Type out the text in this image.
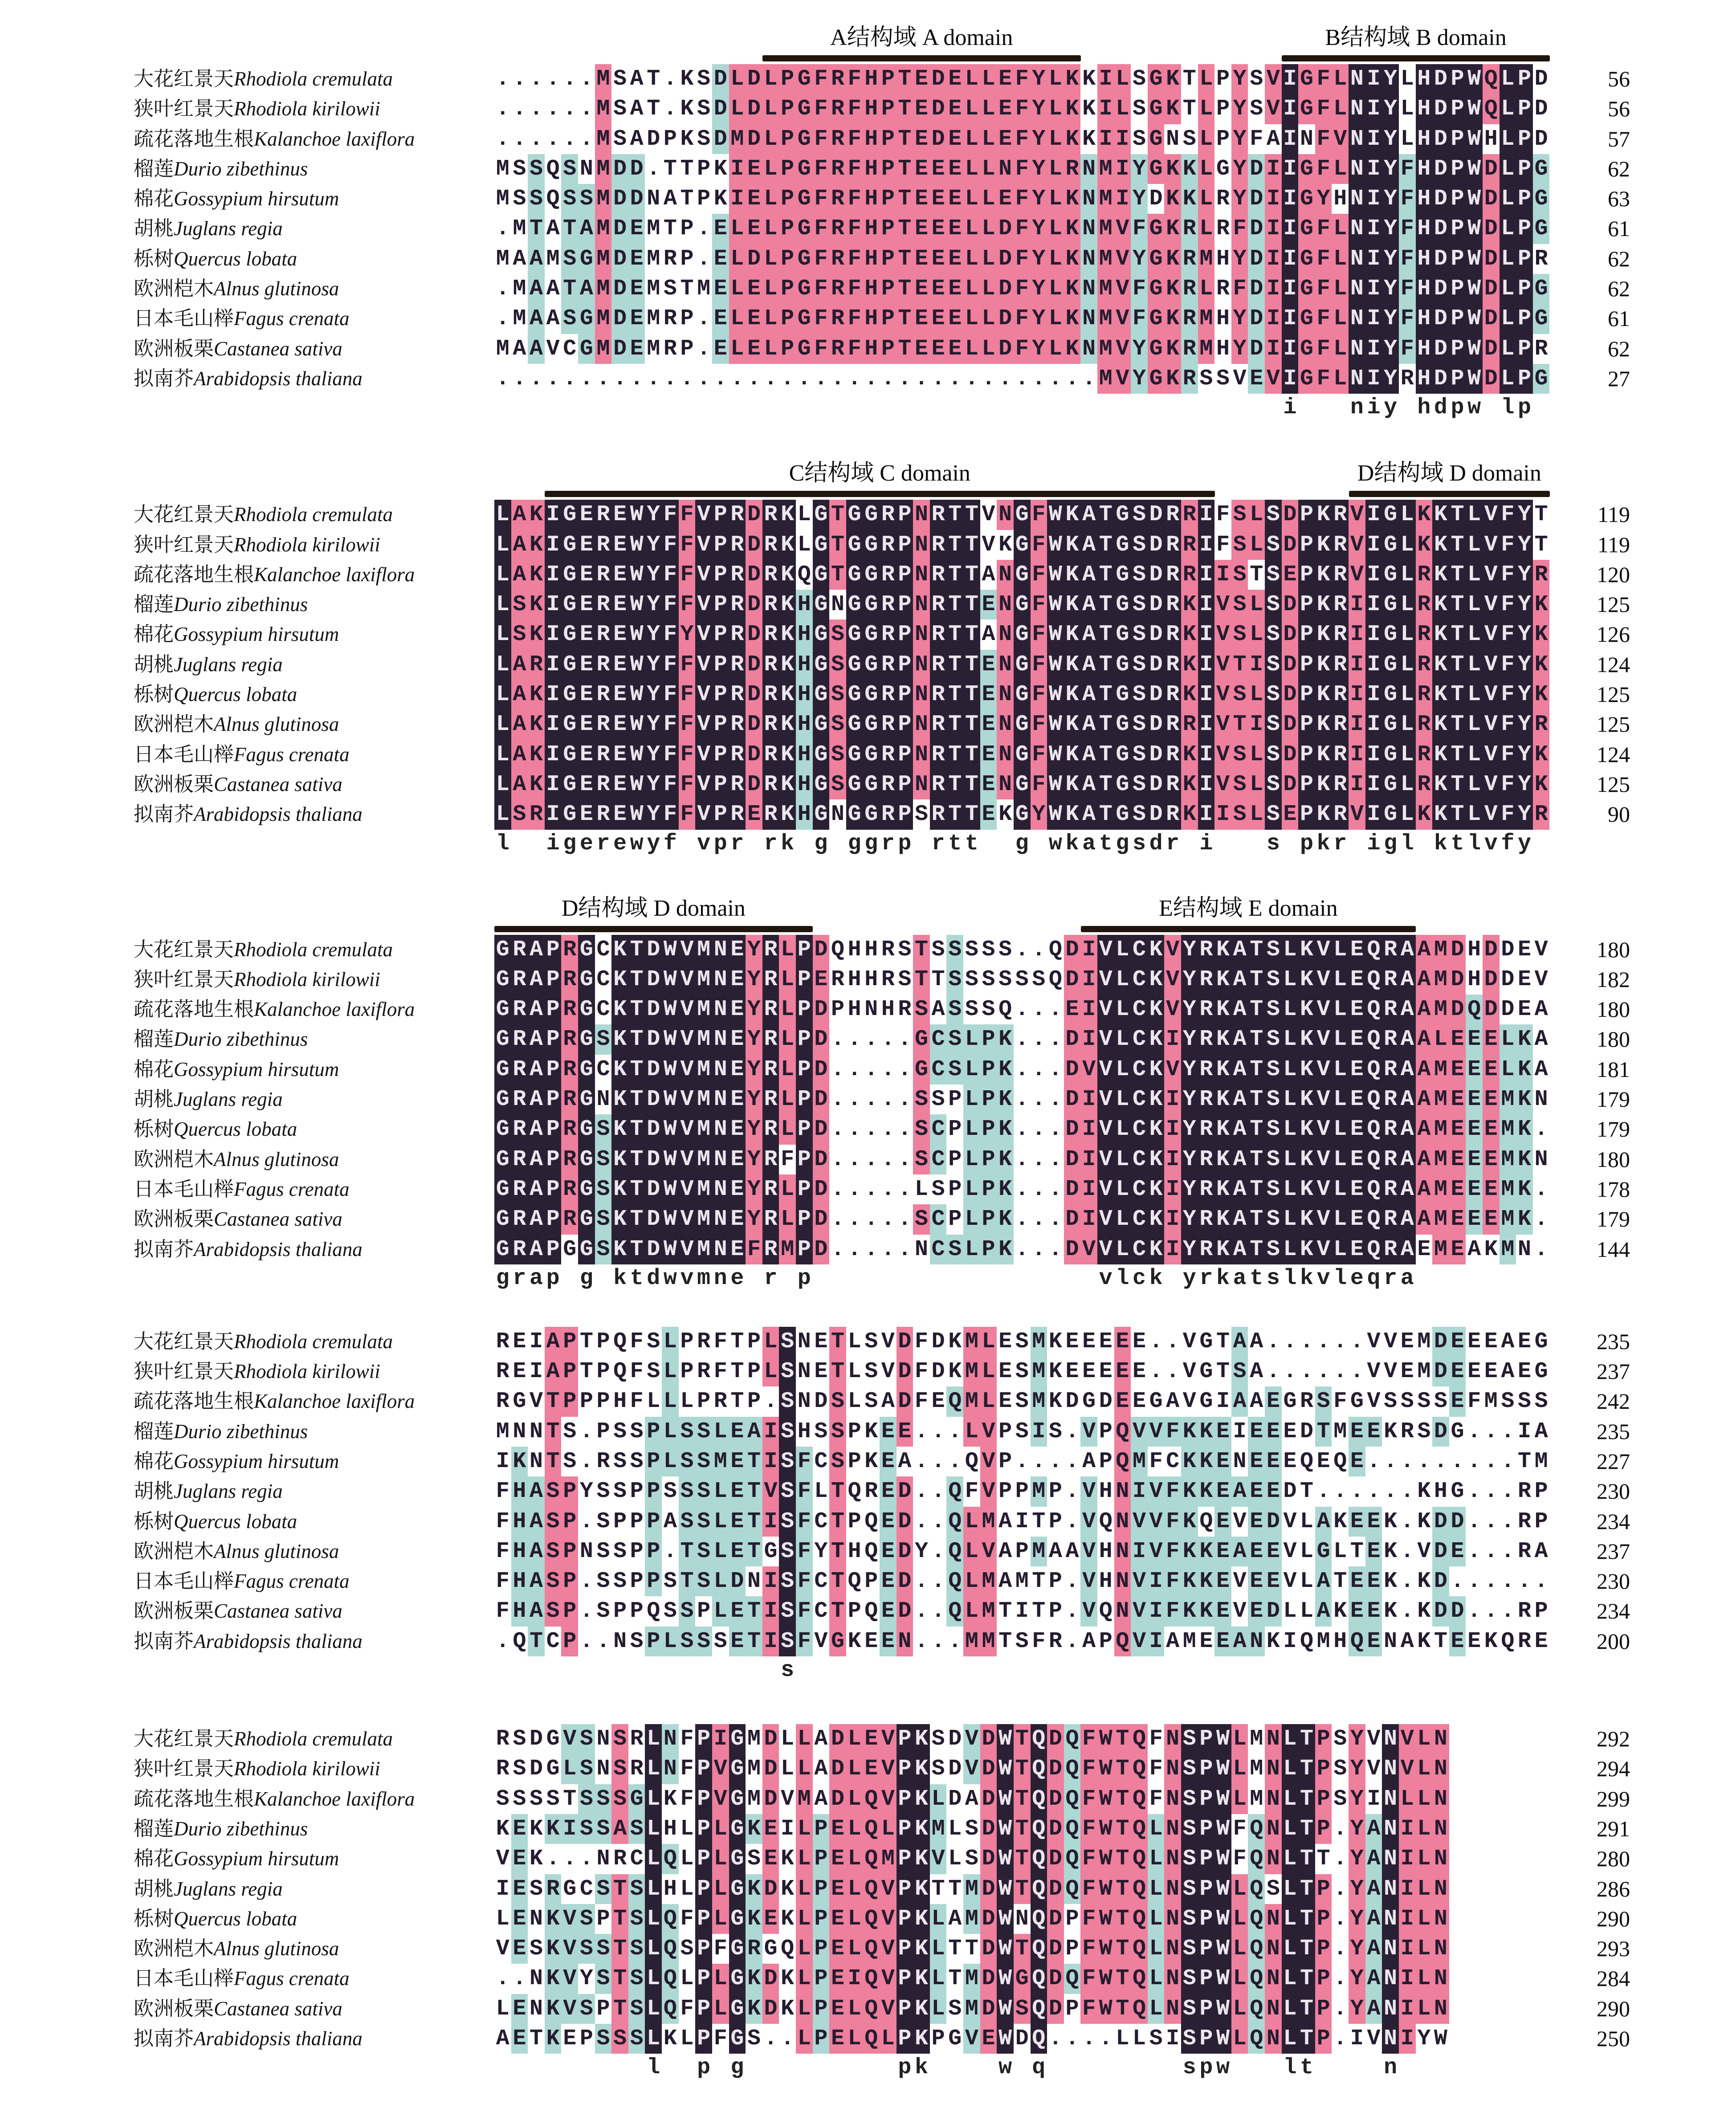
A结构域 A domain	B结构域 B domain
大花红景天Rhodiola cremulata	. . . . . . M S A T . K S D L D L P G F R F H P T E D E L L E F Y L K K I L S G K T L P Y S V I G F L N I Y L H D P W Q L P D	56
狭叶红景天Rhodiola kirilowii	. . . . . . M S A T . K S D L D L P G F R F H P T E D E L L E F Y L K K I L S G K T L P Y S V I G F L N I Y L H D P W Q L P D	56
疏花落地生根Kalanchoe laxiflora	. . . . . . M S A D P K S D M D L P G F R F H P T E D E L L E F Y L K K I I S G N S L P Y F A I N F V N I Y L H D P W H L P D	57
榴莲Durio zibethinus	M S S Q S N M D D . T T P K I E L P G F R F H P T E E E L L N F Y L R N M I Y G K K L G Y D I I G F L N I Y F H D P W D L P G	62
棉花Gossypium hirsutum	M S S Q S S M D D N A T P K I E L P G F R F H P T E E E L L E F Y L K N M I Y D K K L R Y D I I G Y H N I Y F H D P W D L P G	63
胡桃Juglans regia	. M T A T A M D E M T P . E L E L P G F R F H P T E E E L L D F Y L K N M V F G K R L R F D I I G F L N I Y F H D P W D L P G	61
栎树Quercus lobata	M A A M S G M D E M R P . E L D L P G F R F H P T E E E L L D F Y L K N M V Y G K R M H Y D I I G F L N I Y F H D P W D L P R	62
欧洲桤木Alnus glutinosa	. M A A T A M D E M S T M E L E L P G F R F H P T E E E L L D F Y L K N M V F G K R L R F D I I G F L N I Y F H D P W D L P G	62
日本毛山榉Fagus crenata	. M A A S G M D E M R P . E L E L P G F R F H P T E E E L L D F Y L K N M V F G K R M H Y D I I G F L N I Y F H D P W D L P G	61
欧洲板栗Castanea sativa	M A A V C G M D E M R P . E L E L P G F R F H P T E E E L L D F Y L K N M V Y G K R M H Y D I I G F L N I Y F H D P W D L P R	62
拟南芥Arabidopsis thaliana	. . . . . . . . . . . . . . . . . . . . . . . . . . . . . . . . . . . . M V Y G K R S S V E V I G F L N I Y R H D P W D L P G	27
i n i y h d p w l p
C结构域 C domain	D结构域 D domain
大花红景天Rhodiola cremulata	L A K I G E R E W Y F F V P R D R K L G T G G R P N R T T V N G F W K A T G S D R R I F S L S D P K R V I G L K K T L V F Y T	119
狭叶红景天Rhodiola kirilowii	L A K I G E R E W Y F F V P R D R K L G T G G R P N R T T V K G F W K A T G S D R R I F S L S D P K R V I G L K K T L V F Y T	119
疏花落地生根Kalanchoe laxiflora	L A K I G E R E W Y F F V P R D R K Q G T G G R P N R T T A N G F W K A T G S D R R I I S T S E P K R V I G L R K T L V F Y R	120
榴莲Durio zibethinus	L S K I G E R E W Y F F V P R D R K H G N G G R P N R T T E N G F W K A T G S D R K I V S L S D P K R I I G L R K T L V F Y K	125
棉花Gossypium hirsutum	L S K I G E R E W Y F Y V P R D R K H G S G G R P N R T T A N G F W K A T G S D R K I V S L S D P K R I I G L R K T L V F Y K	126
胡桃Juglans regia	L A R I G E R E W Y F F V P R D R K H G S G G R P N R T T E N G F W K A T G S D R K I V T I S D P K R I I G L R K T L V F Y K	124
栎树Quercus lobata	L A K I G E R E W Y F F V P R D R K H G S G G R P N R T T E N G F W K A T G S D R K I V S L S D P K R I I G L R K T L V F Y K	125
欧洲桤木Alnus glutinosa	L A K I G E R E W Y F F V P R D R K H G S G G R P N R T T E N G F W K A T G S D R R I V T I S D P K R I I G L R K T L V F Y R	125
日本毛山榉Fagus crenata	L A K I G E R E W Y F F V P R D R K H G S G G R P N R T T E N G F W K A T G S D R K I V S L S D P K R I I G L R K T L V F Y K	124
欧洲板栗Castanea sativa	L A K I G E R E W Y F F V P R D R K H G S G G R P N R T T E N G F W K A T G S D R K I V S L S D P K R I I G L R K T L V F Y K	125
拟南芥Arabidopsis thaliana	L S R I G E R E W Y F F V P R E R K H G N G G R P S R T T E K G Y W K A T G S D R K I I S L S E P K R V I G L K K T L V F Y R	90
l i g e r e w y f v p r r k g g g r p r t t g w k a t g s d r i s p k r i g l k t l v f y
D结构域 D domain	E结构域 E domain
大花红景天Rhodiola cremulata	G R A P R G C K T D W V M N E Y R L P D Q H H R S T S S S S S . . Q D I V L C K V Y R K A T S L K V L E Q R A A M D H D D E V	180
狭叶红景天Rhodiola kirilowii	G R A P R G C K T D W V M N E Y R L P E R H H R S T T S S S S S S Q D I V L C K V Y R K A T S L K V L E Q R A A M D H D D E V	182
疏花落地生根Kalanchoe laxiflora	G R A P R G C K T D W V M N E Y R L P D P H N H R S A S S S Q . . . E I V L C K V Y R K A T S L K V L E Q R A A M D Q D D E A	180
榴莲Durio zibethinus	G R A P R G S K T D W V M N E Y R L P D . . . . . G C S L P K . . . D I V L C K I Y R K A T S L K V L E Q R A A L E E E L K A	180
棉花Gossypium hirsutum	G R A P R G C K T D W V M N E Y R L P D . . . . . G C S L P K . . . D V V L C K V Y R K A T S L K V L E Q R A A M E E E L K A	181
胡桃Juglans regia	G R A P R G N K T D W V M N E Y R L P D . . . . . S S P L P K . . . D I V L C K I Y R K A T S L K V L E Q R A A M E E E M K N	179
栎树Quercus lobata	G R A P R G S K T D W V M N E Y R L P D . . . . . S C P L P K . . . D I V L C K I Y R K A T S L K V L E Q R A A M E E E M K .	179
欧洲桤木Alnus glutinosa	G R A P R G S K T D W V M N E Y R F P D . . . . . S C P L P K . . . D I V L C K I Y R K A T S L K V L E Q R A A M E E E M K N	180
日本毛山榉Fagus crenata	G R A P R G S K T D W V M N E Y R L P D . . . . . L S P L P K . . . D I V L C K I Y R K A T S L K V L E Q R A A M E E E M K .	178
欧洲板栗Castanea sativa	G R A P R G S K T D W V M N E Y R L P D . . . . . S C P L P K . . . D I V L C K I Y R K A T S L K V L E Q R A A M E E E M K .	179
拟南芥Arabidopsis thaliana	G R A P G G S K T D W V M N E F R M P D . . . . . N C S L P K . . . D V V L C K I Y R K A T S L K V L E Q R A E M E A K M N .	144
g r a p g k t d w v m n e r p	v l c k y r k a t s l k v l e q r a
大花红景天Rhodiola cremulata	R E I A P T P Q F S L P R F T P L S N E T L S V D F D K M L E S M K E E E E E . . V G T A A . . . . . . V V E M D E E E A E G	235
狭叶红景天Rhodiola kirilowii	R E I A P T P Q F S L P R F T P L S N E T L S V D F D K M L E S M K E E E E E . . V G T S A . . . . . . V V E M D E E E A E G	237
疏花落地生根Kalanchoe laxiflora	R G V T P P P H F L L L P R T P . S N D S L S A D F E Q M L E S M K D G D E E G A V G I A A E G R S F G V S S S S E F M S S S	242
榴莲Durio zibethinus	M N N T S . P S S P L S S L E A I S H S S P K E E . . . L V P S I S . V P Q V V F K K E I E E E D T M E E K R S D G . . . I A	235
棉花Gossypium hirsutum	I K N T S . R S S P L S S M E T I S F C S P K E A . . . Q V P . . . . A P Q M F C K K E N E E E Q E Q E . . . . . . . . . T M	227
胡桃Juglans regia	F H A S P Y S S P P S S S L E T V S F L T Q R E D . . Q F V P P M P . V H N I V F K K E A E E D T . . . . . . K H G . . . R P	230
栎树Quercus lobata	F H A S P . S P P P A S S L E T I S F C T P Q E D . . Q L M A I T P . V Q N V V F K Q E V E D V L A K E E K . K D D . . . R P	234
欧洲桤木Alnus glutinosa	F H A S P N S S P P . T S L E T G S F Y T H Q E D Y . Q L V A P M A A V H N I V F K K E A E E V L G L T E K . V D E . . . R A	237
日本毛山榉Fagus crenata	F H A S P . S S P P S T S L D N I S F C T Q P E D . . Q L M A M T P . V H N V I F K K E V E E V L A T E E K . K D . . . . . .	230
欧洲板栗Castanea sativa	F H A S P . S P P Q S S P L E T I S F C T P Q E D . . Q L M T I T P . V Q N V I F K K E V E D L L A K E E K . K D D . . . R P	234
拟南芥Arabidopsis thaliana	. Q T C P . . N S P L S S S E T I S F V G K E E N . . . M M T S F R . A P Q V I A M E E A N K I Q M H Q E N A K T E E K Q R E	200
s
大花红景天Rhodiola cremulata	R S D G V S N S R L N F P I G M D L L A D L E V P K S D V D W T Q D Q F W T Q F N S P W L M N L T P S Y V N V L N	292
狭叶红景天Rhodiola kirilowii	R S D G L S N S R L N F P V G M D L L A D L E V P K S D V D W T Q D Q F W T Q F N S P W L M N L T P S Y V N V L N	294
疏花落地生根Kalanchoe laxiflora	S S S S T S S S G L K F P V G M D V M A D L Q V P K L D A D W T Q D Q F W T Q F N S P W L M N L T P S Y I N L L N	299
榴莲Durio zibethinus	K E K K I S S A S L H L P L G K E I L P E L Q L P K M L S D W T Q D Q F W T Q L N S P W F Q N L T P . Y A N I L N	291
棉花Gossypium hirsutum	V E K . . . N R C L Q L P L G S E K L P E L Q M P K V L S D W T Q D Q F W T Q L N S P W F Q N L T T . Y A N I L N	280
胡桃Juglans regia	I E S R G C S T S L H L P L G K D K L P E L Q V P K T T M D W T Q D Q F W T Q L N S P W L Q S L T P . Y A N I L N	286
栎树Quercus lobata	L E N K V S P T S L Q F P L G K E K L P E L Q V P K L A M D W N Q D P F W T Q L N S P W L Q N L T P . Y A N I L N	290
欧洲桤木Alnus glutinosa	V E S K V S S T S L Q S P F G R G Q L P E L Q V P K L T T D W T Q D P F W T Q L N S P W L Q N L T P . Y A N I L N	293
日本毛山榉Fagus crenata	. . N K V Y S T S L Q L P L G K D K L P E I Q V P K L T M D W G Q D Q F W T Q L N S P W L Q N L T P . Y A N I L N	284
欧洲板栗Castanea sativa	L E N K V S P T S L Q F P L G K D K L P E L Q V P K L S M D W S Q D P F W T Q L N S P W L Q N L T P . Y A N I L N	290
拟南芥Arabidopsis thaliana	A E T K E P S S S L K L P F G S . . L P E L Q L P K P G V E W D Q . . . . L L S I S P W L Q N L T P . I V N I Y W	250
l p g	p k	w q	s p w l t	n
